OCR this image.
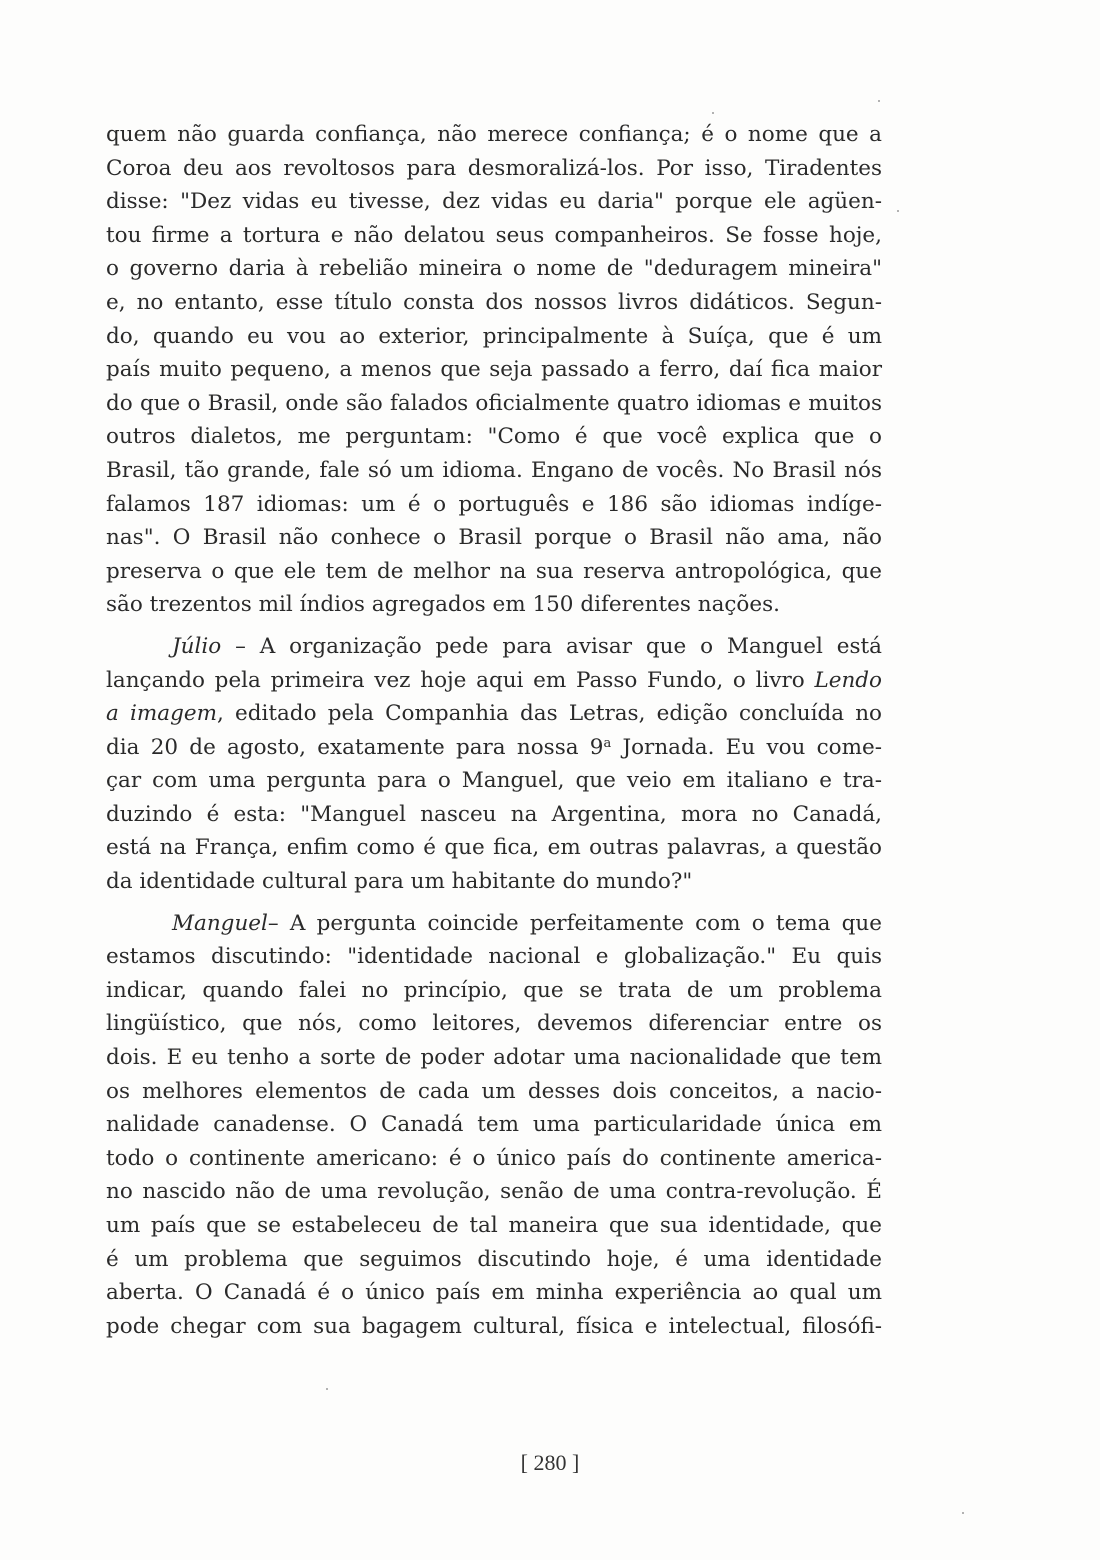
quem não guarda confiança, não merece confiança; é o nome que a
Coroa deu aos revoltosos para desmoralizá-los. Por isso, Tiradentes
disse: "Dez vidas eu tivesse, dez vidas eu daria" porque ele agüen-
tou firme a tortura e não delatou seus companheiros. Se fosse hoje,
o governo daria à rebelião mineira o nome de "deduragem mineira"
e, no entanto, esse título consta dos nossos livros didáticos. Segun-
do, quando eu vou ao exterior, principalmente à Suíça, que é um
país muito pequeno, a menos que seja passado a ferro, daí fica maior
do que o Brasil, onde são falados oficialmente quatro idiomas e muitos
outros dialetos, me perguntam: "Como é que você explica que o
Brasil, tão grande, fale só um idioma. Engano de vocês. No Brasil nós
falamos 187 idiomas: um é o português e 186 são idiomas indíge-
nas". O Brasil não conhece o Brasil porque o Brasil não ama, não
preserva o que ele tem de melhor na sua reserva antropológica, que
são trezentos mil índios agregados em 150 diferentes nações.
Júlio – A organização pede para avisar que o Manguel está
lançando pela primeira vez hoje aqui em Passo Fundo, o livro Lendo
a imagem, editado pela Companhia das Letras, edição concluída no
dia 20 de agosto, exatamente para nossa 9$^a$ Jornada. Eu vou come-
çar com uma pergunta para o Manguel, que veio em italiano e tra-
duzindo é esta: "Manguel nasceu na Argentina, mora no Canadá,
está na França, enfim como é que fica, em outras palavras, a questão
da identidade cultural para um habitante do mundo?"
Manguel– A pergunta coincide perfeitamente com o tema que
estamos discutindo: "identidade nacional e globalização." Eu quis
indicar, quando falei no princípio, que se trata de um problema
lingüístico, que nós, como leitores, devemos diferenciar entre os
dois. E eu tenho a sorte de poder adotar uma nacionalidade que tem
os melhores elementos de cada um desses dois conceitos, a nacio-
nalidade canadense. O Canadá tem uma particularidade única em
todo o continente americano: é o único país do continente america-
no nascido não de uma revolução, senão de uma contra-revolução. É
um país que se estabeleceu de tal maneira que sua identidade, que
é um problema que seguimos discutindo hoje, é uma identidade
aberta. O Canadá é o único país em minha experiência ao qual um
pode chegar com sua bagagem cultural, física e intelectual, filosófi-
[ 280 ]
